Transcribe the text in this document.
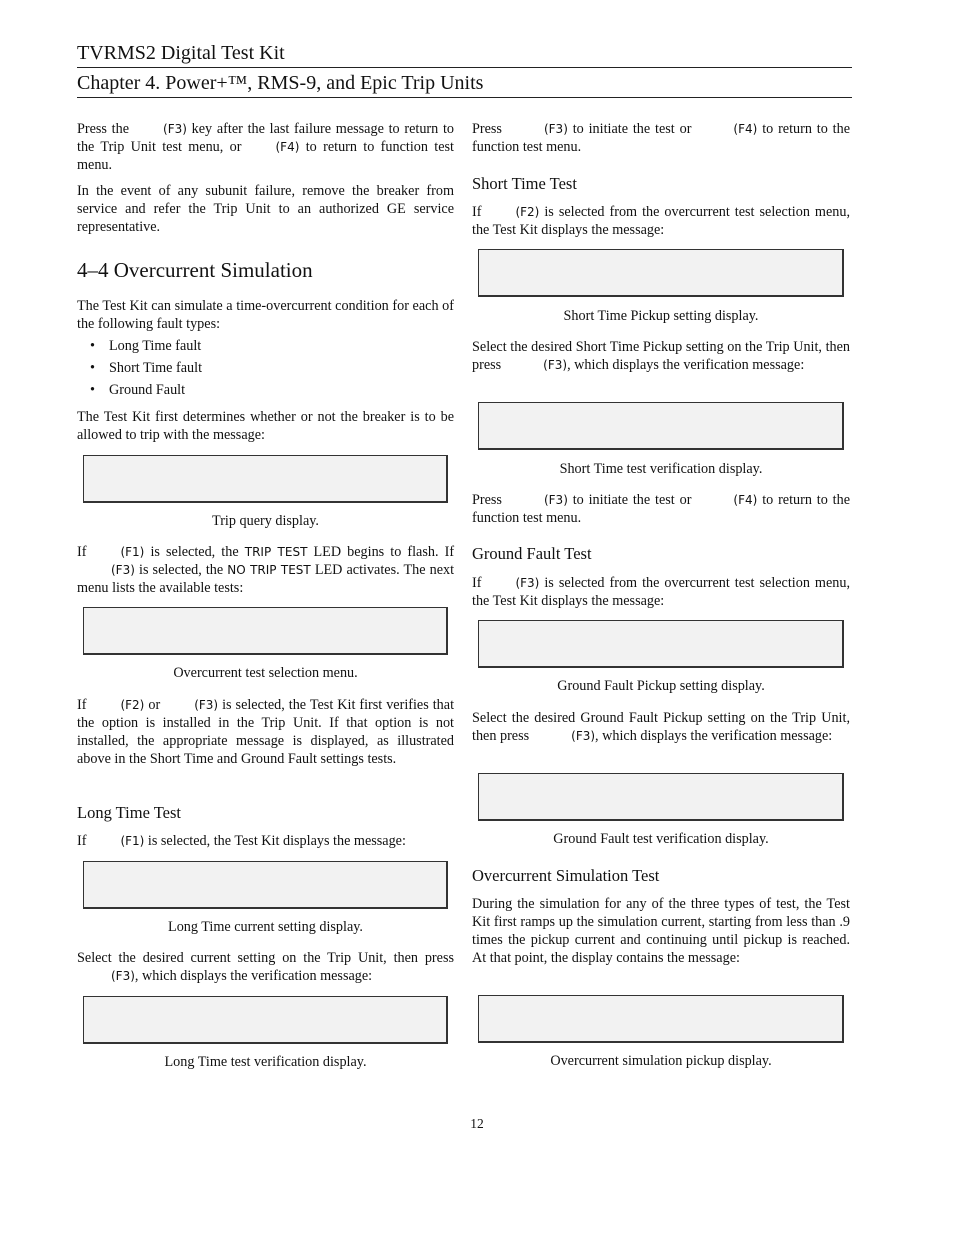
TVRMS2 Digital Test Kit
Chapter 4. Power+™, RMS-9, and Epic Trip Units

Press the	(F3) key after the last failure message to return to the Trip Unit test menu, or	(F4) to return to function test menu.

In the event of any subunit failure, remove the breaker from service and refer the Trip Unit to an authorized GE service representative.

4–4 Overcurrent Simulation

The Test Kit can simulate a time-overcurrent condition for each of the following fault types:

• Long Time fault
• Short Time fault
• Ground Fault

The Test Kit first determines whether or not the breaker is to be allowed to trip with the message:

Trip query display.

If	(F1) is selected, the TRIP TEST LED begins to flash. If(F3) is selected, the NO TRIP TEST LED activates. The next menu lists the available tests:

Overcurrent test selection menu.

If	(F2) or	(F3) is selected, the Test Kit first verifies that the option is installed in the Trip Unit. If that option is not installed, the appropriate message is displayed, as illustrated above in the Short Time and Ground Fault settings tests.

Long Time Test

If	(F1) is selected, the Test Kit displays the message:

Long Time current setting display.

Select the desired current setting on the Trip Unit, then press(F3), which displays the verification message:

Long Time test verification display.

Press	(F3) to initiate the test or	(F4) to return to the function test menu.

Short Time Test

If	(F2) is selected from the overcurrent test selection menu, the Test Kit displays the message:

Short Time Pickup setting display.

Select the desired Short Time Pickup setting on the Trip Unit, then press	(F3), which displays the verification message:

Short Time test verification display.

Press	(F3) to initiate the test or	(F4) to return to the function test menu.

Ground Fault Test

If	(F3) is selected from the overcurrent test selection menu, the Test Kit displays the message:

Ground Fault Pickup setting display.

Select the desired Ground Fault Pickup setting on the Trip Unit, then press	(F3), which displays the verification message:

Ground Fault test verification display.
Overcurrent Simulation Test

During the simulation for any of the three types of test, the Test Kit first ramps up the simulation current, starting from less than .9 times the pickup current and continuing until pickup is reached. At that point, the display contains the message:

Overcurrent simulation pickup display.
12
